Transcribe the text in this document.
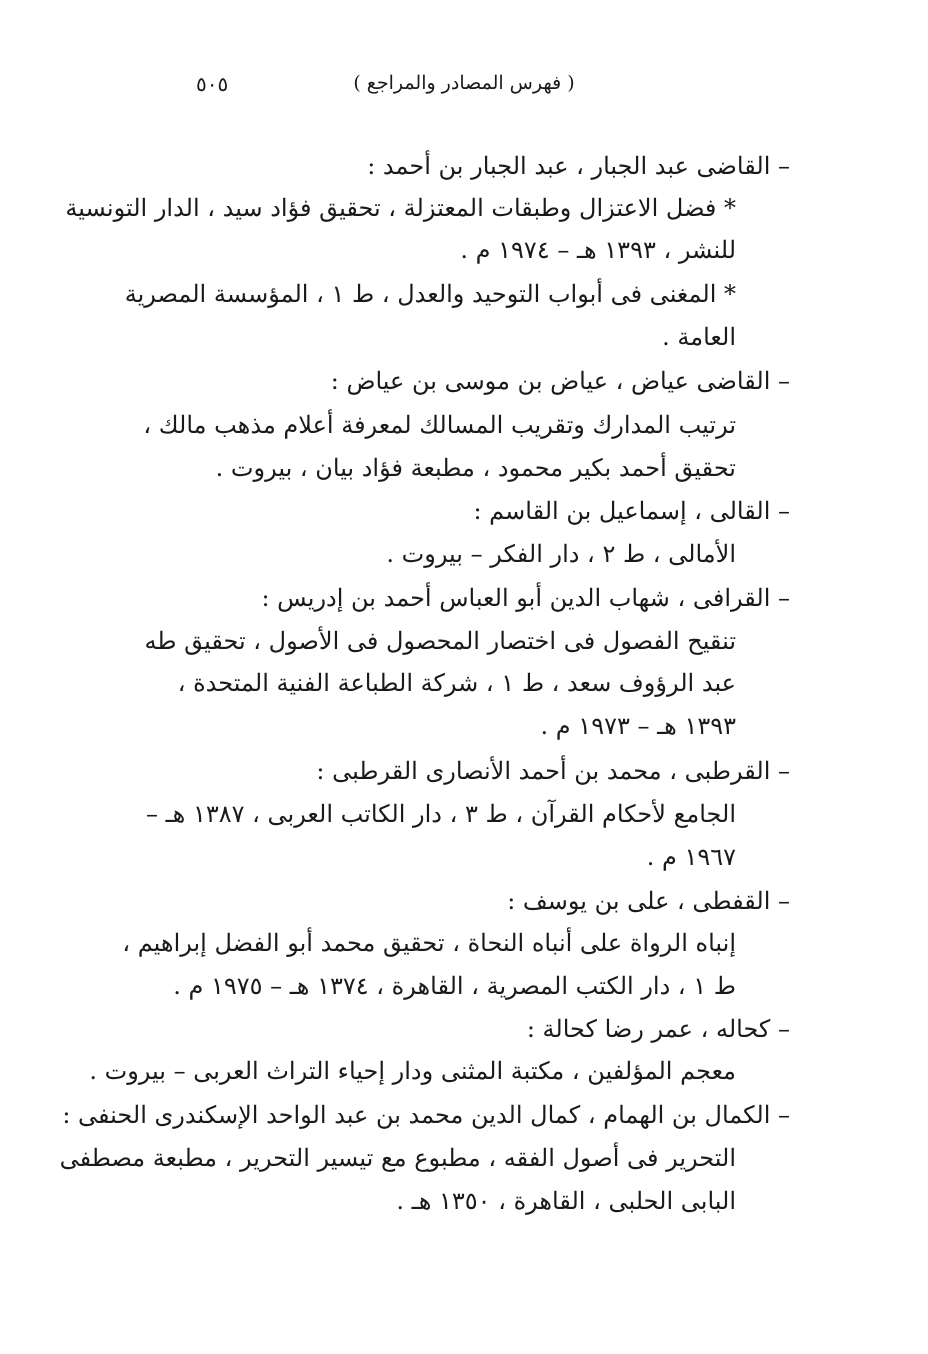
٥٠٥	( فهرس المصادر والمراجع )
– القاضى عبد الجبار ، عبد الجبار بن أحمد :
* فضل الاعتزال وطبقات المعتزلة ، تحقيق فؤاد سيد ، الدار التونسية
للنشر ، ١٣٩٣ هـ – ١٩٧٤ م .
* المغنى فى أبواب التوحيد والعدل ، ط ١ ، المؤسسة المصرية
العامة .
– القاضى عياض ، عياض بن موسى بن عياض :
ترتيب المدارك وتقريب المسالك لمعرفة أعلام مذهب مالك ،
تحقيق أحمد بكير محمود ، مطبعة فؤاد بيان ، بيروت .
– القالى ، إسماعيل بن القاسم :
الأمالى ، ط ٢ ، دار الفكر – بيروت .
– القرافى ، شهاب الدين أبو العباس أحمد بن إدريس :
تنقيح الفصول فى اختصار المحصول فى الأصول ، تحقيق طه
عبد الرؤوف سعد ، ط ١ ، شركة الطباعة الفنية المتحدة ،
١٣٩٣ هـ – ١٩٧٣ م .
– القرطبى ، محمد بن أحمد الأنصارى القرطبى :
الجامع لأحكام القرآن ، ط ٣ ، دار الكاتب العربى ، ١٣٨٧ هـ –
١٩٦٧ م .
– القفطى ، على بن يوسف :
إنباه الرواة على أنباه النحاة ، تحقيق محمد أبو الفضل إبراهيم ،
ط ١ ، دار الكتب المصرية ، القاهرة ، ١٣٧٤ هـ – ١٩٧٥ م .
– كحاله ، عمر رضا كحالة :
معجم المؤلفين ، مكتبة المثنى ودار إحياء التراث العربى – بيروت .
– الكمال بن الهمام ، كمال الدين محمد بن عبد الواحد الإسكندرى الحنفى :
التحرير فى أصول الفقه ، مطبوع مع تيسير التحرير ، مطبعة مصطفى
البابى الحلبى ، القاهرة ، ١٣٥٠ هـ .
